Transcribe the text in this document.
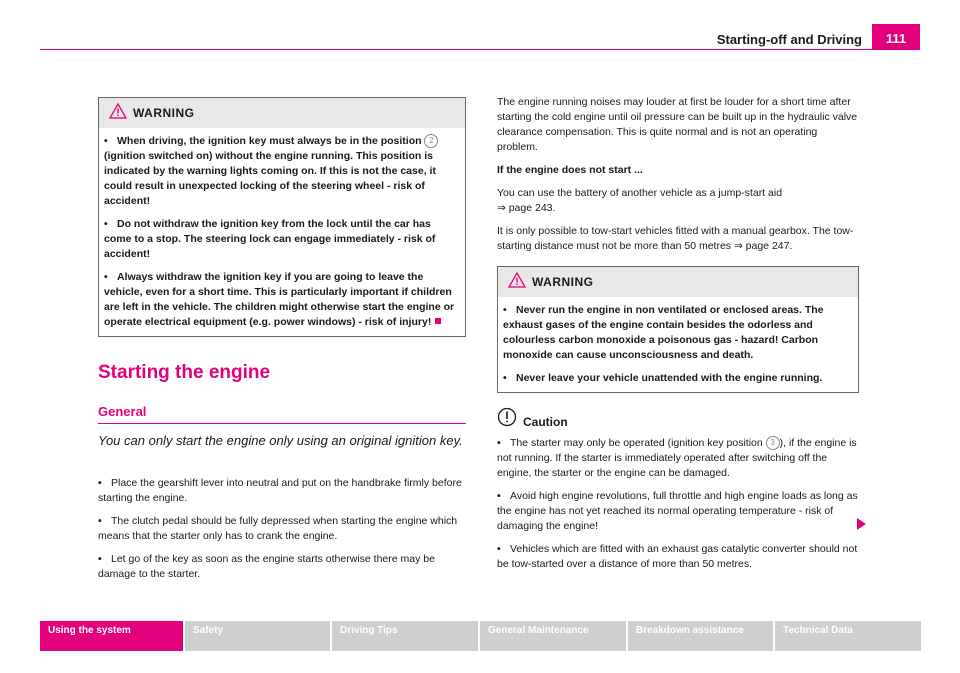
Starting-off and Driving	111
WARNING

• When driving, the ignition key must always be in the position 2 (ignition switched on) without the engine running. This position is indicated by the warning lights coming on. If this is not the case, it could result in unexpected locking of the steering wheel - risk of accident!

• Do not withdraw the ignition key from the lock until the car has come to a stop. The steering lock can engage immediately - risk of accident!

• Always withdraw the ignition key if you are going to leave the vehicle, even for a short time. This is particularly important if children are left in the vehicle. The children might otherwise start the engine or operate electrical equipment (e.g. power windows) - risk of injury!

Starting the engine
General
You can only start the engine only using an original ignition key.

• Place the gearshift lever into neutral and put on the handbrake firmly before starting the engine.

• The clutch pedal should be fully depressed when starting the engine which means that the starter only has to crank the engine.

• Let go of the key as soon as the engine starts otherwise there may be damage to the starter.

The engine running noises may louder at first be louder for a short time after starting the cold engine until oil pressure can be built up in the hydraulic valve clearance compensation. This is quite normal and is not an operating problem.

If the engine does not start ...

You can use the battery of another vehicle as a jump-start aid
⇒ page 243.

It is only possible to tow-start vehicles fitted with a manual gearbox. The tow-starting distance must not be more than 50 metres ⇒ page 247.

WARNING

• Never run the engine in non ventilated or enclosed areas. The exhaust gases of the engine contain besides the odorless and colourless carbon monoxide a poisonous gas - hazard! Carbon monoxide can cause unconsciousness and death.

• Never leave your vehicle unattended with the engine running.

Caution

• The starter may only be operated (ignition key position 3 ), if the engine is not running. If the starter is immediately operated after switching off the engine, the starter or the engine can be damaged.

• Avoid high engine revolutions, full throttle and high engine loads as long as the engine has not yet reached its normal operating temperature - risk of damaging the engine!

• Vehicles which are fitted with an exhaust gas catalytic converter should not be tow-started over a distance of more than 50 metres.

Using the system	Safety	Driving Tips	General Maintenance	Breakdown assistance	Technical Data
